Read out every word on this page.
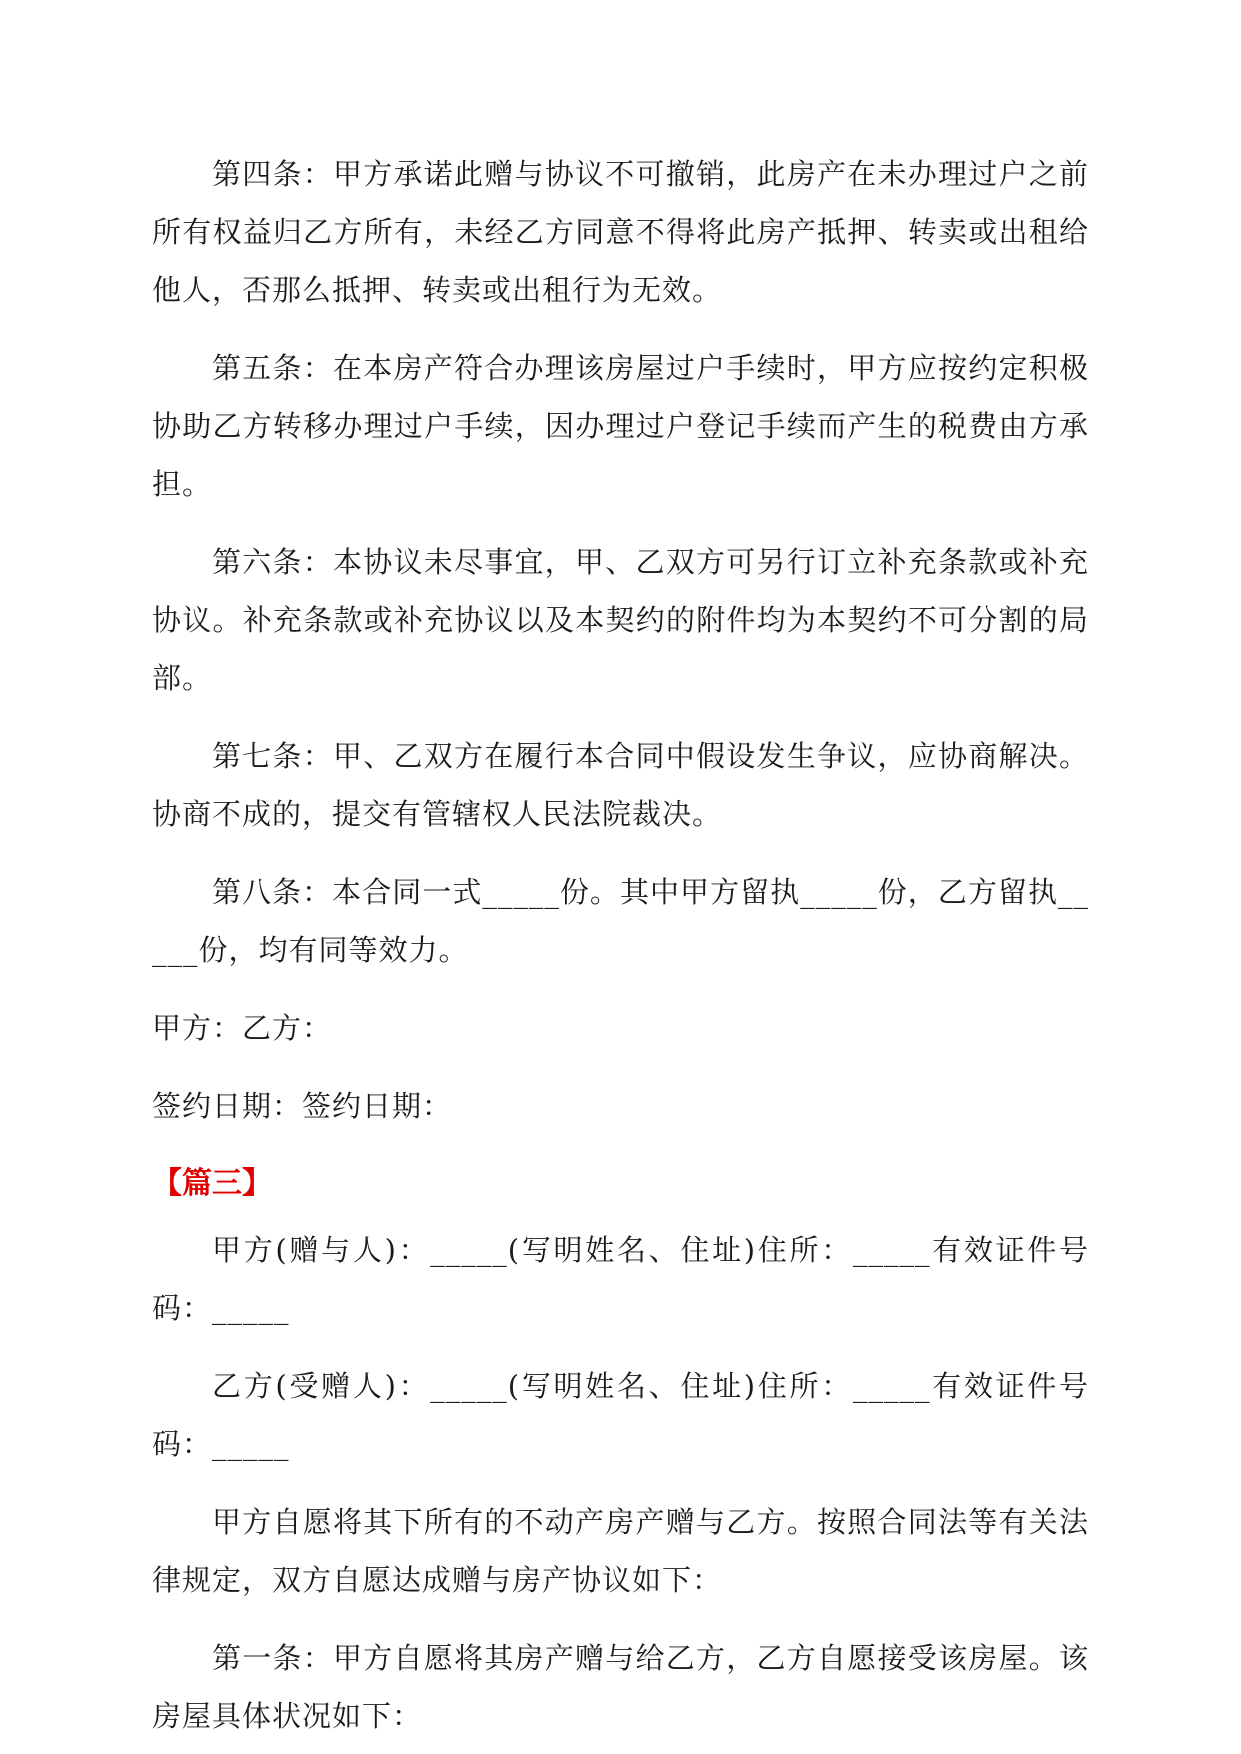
第四条：甲方承诺此赠与协议不可撤销，此房产在未办理过户之前所有权益归乙方所有，未经乙方同意不得将此房产抵押、转卖或出租给他人，否那么抵押、转卖或出租行为无效。

第五条：在本房产符合办理该房屋过户手续时，甲方应按约定积极协助乙方转移办理过户手续，因办理过户登记手续而产生的税费由方承担。

第六条：本协议未尽事宜，甲、乙双方可另行订立补充条款或补充协议。补充条款或补充协议以及本契约的附件均为本契约不可分割的局部。

第七条：甲、乙双方在履行本合同中假设发生争议，应协商解决。协商不成的，提交有管辖权人民法院裁决。

第八条：本合同一式_____份。其中甲方留执_____份，乙方留执_____份，均有同等效力。

甲方：乙方：

签约日期：签约日期：

【篇三】

甲方(赠与人)：_____(写明姓名、住址)住所：_____有效证件号码：_____

乙方(受赠人)：_____(写明姓名、住址)住所：_____有效证件号码：_____

甲方自愿将其下所有的不动产房产赠与乙方。按照合同法等有关法律规定，双方自愿达成赠与房产协议如下：

第一条：甲方自愿将其房产赠与给乙方，乙方自愿接受该房屋。该房屋具体状况如下：
